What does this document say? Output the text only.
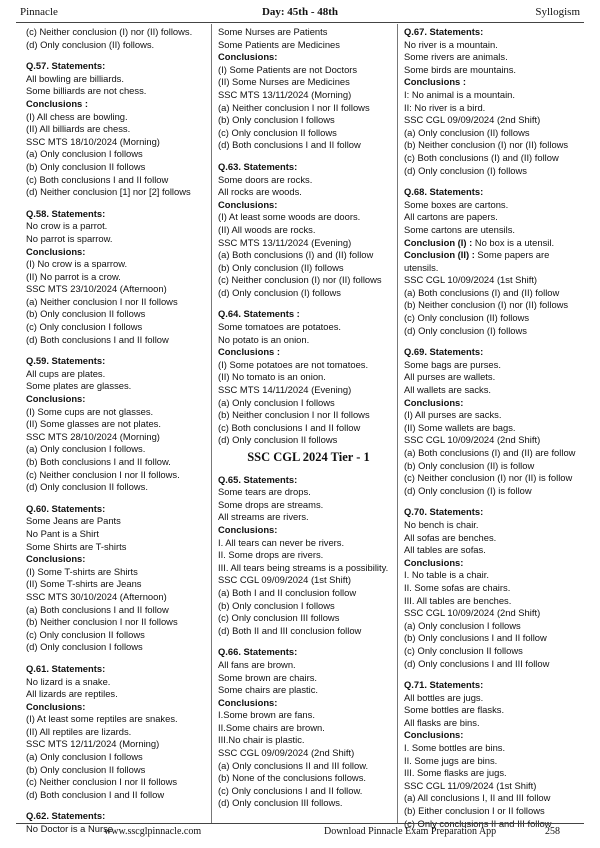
Pinnacle	Day: 45th - 48th	Syllogism
(c) Neither conclusion (I) nor (II) follows.
(d) Only conclusion (II) follows.
Q.57. Statements:
All bowling are billiards.
Some billiards are not chess.
Conclusions :
(I) All chess are bowling.
(II) All billiards are chess.
SSC MTS 18/10/2024 (Morning)
(a) Only conclusion I follows
(b) Only conclusion II follows
(c) Both conclusions I and II follow
(d) Neither conclusion [1] nor [2] follows
Q.58. Statements:
No crow is a parrot.
No parrot is sparrow.
Conclusions:
(I) No crow is a sparrow.
(II) No parrot is a crow.
SSC MTS 23/10/2024 (Afternoon)
(a) Neither conclusion I nor II follows
(b) Only conclusion II follows
(c) Only conclusion I follows
(d) Both conclusions I and II follow
Q.59. Statements:
All cups are plates.
Some plates are glasses.
Conclusions:
(I) Some cups are not glasses.
(II) Some glasses are not plates.
SSC MTS 28/10/2024 (Morning)
(a) Only conclusion I follows.
(b) Both conclusions I and II follow.
(c) Neither conclusion I nor II follows.
(d) Only conclusion II follows.
Q.60. Statements:
Some Jeans are Pants
No Pant is a Shirt
Some Shirts are T-shirts
Conclusions:
(I) Some T-shirts are Shirts
(II) Some T-shirts are Jeans
SSC MTS 30/10/2024 (Afternoon)
(a) Both conclusions I and II follow
(b) Neither conclusion I nor II follows
(c) Only conclusion II follows
(d) Only conclusion I follows
Q.61. Statements:
No lizard is a snake.
All lizards are reptiles.
Conclusions:
(I) At least some reptiles are snakes.
(II) All reptiles are lizards.
SSC MTS 12/11/2024 (Morning)
(a) Only conclusion I follows
(b) Only conclusion II follows
(c) Neither conclusion I nor II follows
(d) Both conclusion I and II follow
Q.62. Statements:
No Doctor is a Nurse
Some Nurses are Patients
Some Patients are Medicines
Conclusions:
(I) Some Patients are not Doctors
(II) Some Nurses are Medicines
SSC MTS 13/11/2024 (Morning)
(a) Neither conclusion I nor II follows
(b) Only conclusion I follows
(c) Only conclusion II follows
(d) Both conclusions I and II follow
Q.63. Statements:
Some doors are rocks.
All rocks are woods.
Conclusions:
(I) At least some woods are doors.
(II) All woods are rocks.
SSC MTS 13/11/2024 (Evening)
(a) Both conclusions (I) and (II) follow
(b) Only conclusion (II) follows
(c) Neither conclusion (I) nor (II) follows
(d) Only conclusion (I) follows
Q.64. Statements :
Some tomatoes are potatoes.
No potato is an onion.
Conclusions :
(I) Some potatoes are not tomatoes.
(II) No tomato is an onion.
SSC MTS 14/11/2024 (Evening)
(a) Only conclusion I follows
(b) Neither conclusion I nor II follows
(c) Both conclusions I and II follow
(d) Only conclusion II follows
SSC CGL 2024 Tier - 1
Q.65. Statements:
Some tears are drops.
Some drops are streams.
All streams are rivers.
Conclusions:
I. All tears can never be rivers.
II. Some drops are rivers.
III. All tears being streams is a possibility.
SSC CGL 09/09/2024 (1st Shift)
(a) Both I and II conclusion follow
(b) Only conclusion I follows
(c) Only conclusion III follows
(d) Both II and III conclusion follow
Q.66. Statements:
All fans are brown.
Some brown are chairs.
Some chairs are plastic.
Conclusions:
I.Some brown are fans.
II.Some chairs are brown.
III.No chair is plastic.
SSC CGL 09/09/2024 (2nd Shift)
(a) Only conclusions II and III follow.
(b) None of the conclusions follows.
(c) Only conclusions I and II follow.
(d) Only conclusion III follows.
Q.67. Statements:
No river is a mountain.
Some rivers are animals.
Some birds are mountains.
Conclusions :
I: No animal is a mountain.
II: No river is a bird.
SSC CGL 09/09/2024 (2nd Shift)
(a) Only conclusion (II) follows
(b) Neither conclusion (I) nor (II) follows
(c) Both conclusions (I) and (II) follow
(d) Only conclusion (I) follows
Q.68. Statements:
Some boxes are cartons.
All cartons are papers.
Some cartons are utensils.
Conclusion (I) : No box is a utensil.
Conclusion (II) : Some papers are
utensils.
SSC CGL 10/09/2024 (1st Shift)
(a) Both conclusions (I) and (II) follow
(b) Neither conclusion (I) nor (II) follows
(c) Only conclusion (II) follows
(d) Only conclusion (I) follows
Q.69. Statements:
Some bags are purses.
All purses are wallets.
All wallets are sacks.
Conclusions:
(I) All purses are sacks.
(II) Some wallets are bags.
SSC CGL 10/09/2024 (2nd Shift)
(a) Both conclusions (I) and (II) are follow
(b) Only conclusion (II) is follow
(c) Neither conclusion (I) nor (II) is follow
(d) Only conclusion (I) is follow
Q.70. Statements:
No bench is chair.
All sofas are benches.
All tables are sofas.
Conclusions:
I. No table is a chair.
II. Some sofas are chairs.
III. All tables are benches.
SSC CGL 10/09/2024 (2nd Shift)
(a) Only conclusion I follows
(b) Only conclusions I and II follow
(c) Only conclusion II follows
(d) Only conclusions I and III follow
Q.71. Statements:
All bottles are jugs.
Some bottles are flasks.
All flasks are bins.
Conclusions:
I. Some bottles are bins.
II. Some jugs are bins.
III. Some flasks are jugs.
SSC CGL 11/09/2024 (1st Shift)
(a) All conclusions I, II and III follow
(b) Either conclusion I or II follows
(c) Only conclusions II and III follow
www.sscglpinnacle.com	Download Pinnacle Exam Preparation App	258
